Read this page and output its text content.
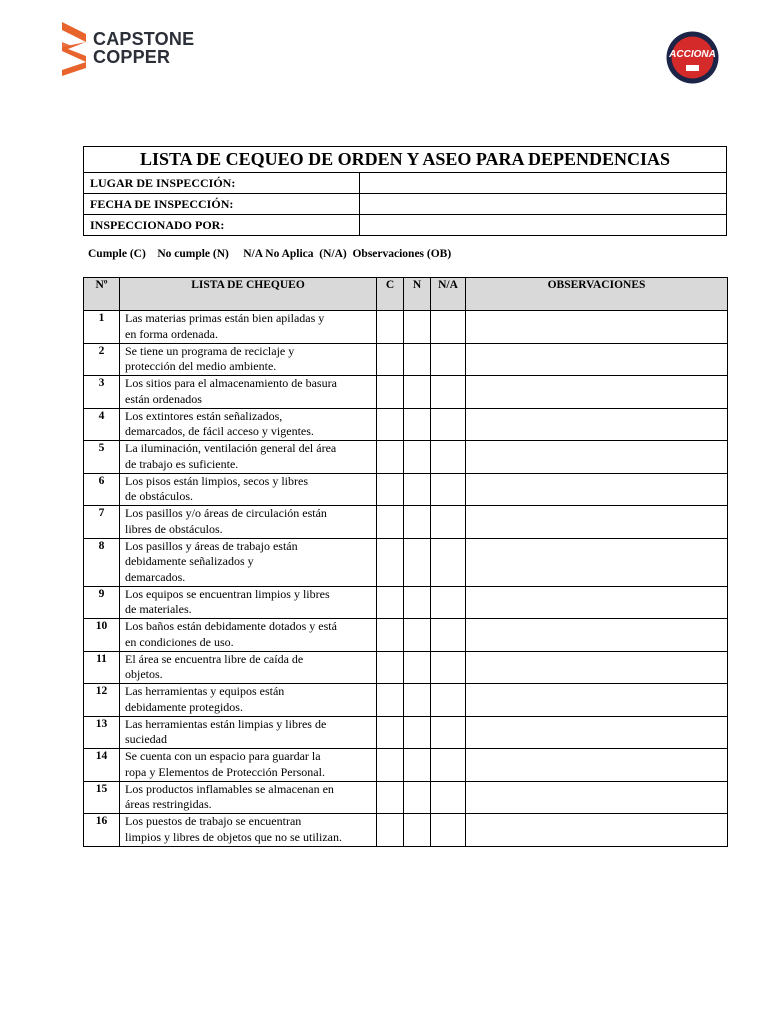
CAPSTONE
COPPER	ACCIONA
LISTA DE CEQUEO DE ORDEN Y ASEO PARA DEPENDENCIAS
LUGAR DE INSPECCIÓN:
FECHA DE INSPECCIÓN:
INSPECCIONADO POR:
Cumple (C)    No cumple (N)     N/A No Aplica  (N/A)  Observaciones (OB)
Nº	LISTA DE CHEQUEO	C	N	N/A	OBSERVACIONES
1	Las materias primas están bien apiladas y
en forma ordenada.				

2	Se tiene un programa de reciclaje y
protección del medio ambiente.				

3	Los sitios para el almacenamiento de basura
están ordenados				

4	Los extintores están señalizados,
demarcados, de fácil acceso y vigentes.				

5	La iluminación, ventilación general del área
de trabajo es suficiente.				

6	Los pisos están limpios, secos y libres
de obstáculos.				

7	Los pasillos y/o áreas de circulación están
libres de obstáculos.				

8	Los pasillos y áreas de trabajo están
debidamente señalizados y
demarcados.				

9	Los equipos se encuentran limpios y libres
de materiales.				

10	Los baños están debidamente dotados y está
en condiciones de uso.				

11	El área se encuentra libre de caída de
objetos.				

12	Las herramientas y equipos están
debidamente protegidos.				

13	Las herramientas están limpias y libres de
suciedad				

14	Se cuenta con un espacio para guardar la
ropa y Elementos de Protección Personal.				

15	Los productos inflamables se almacenan en
áreas restringidas.				

16	Los puestos de trabajo se encuentran
limpios y libres de objetos que no se utilizan.				
